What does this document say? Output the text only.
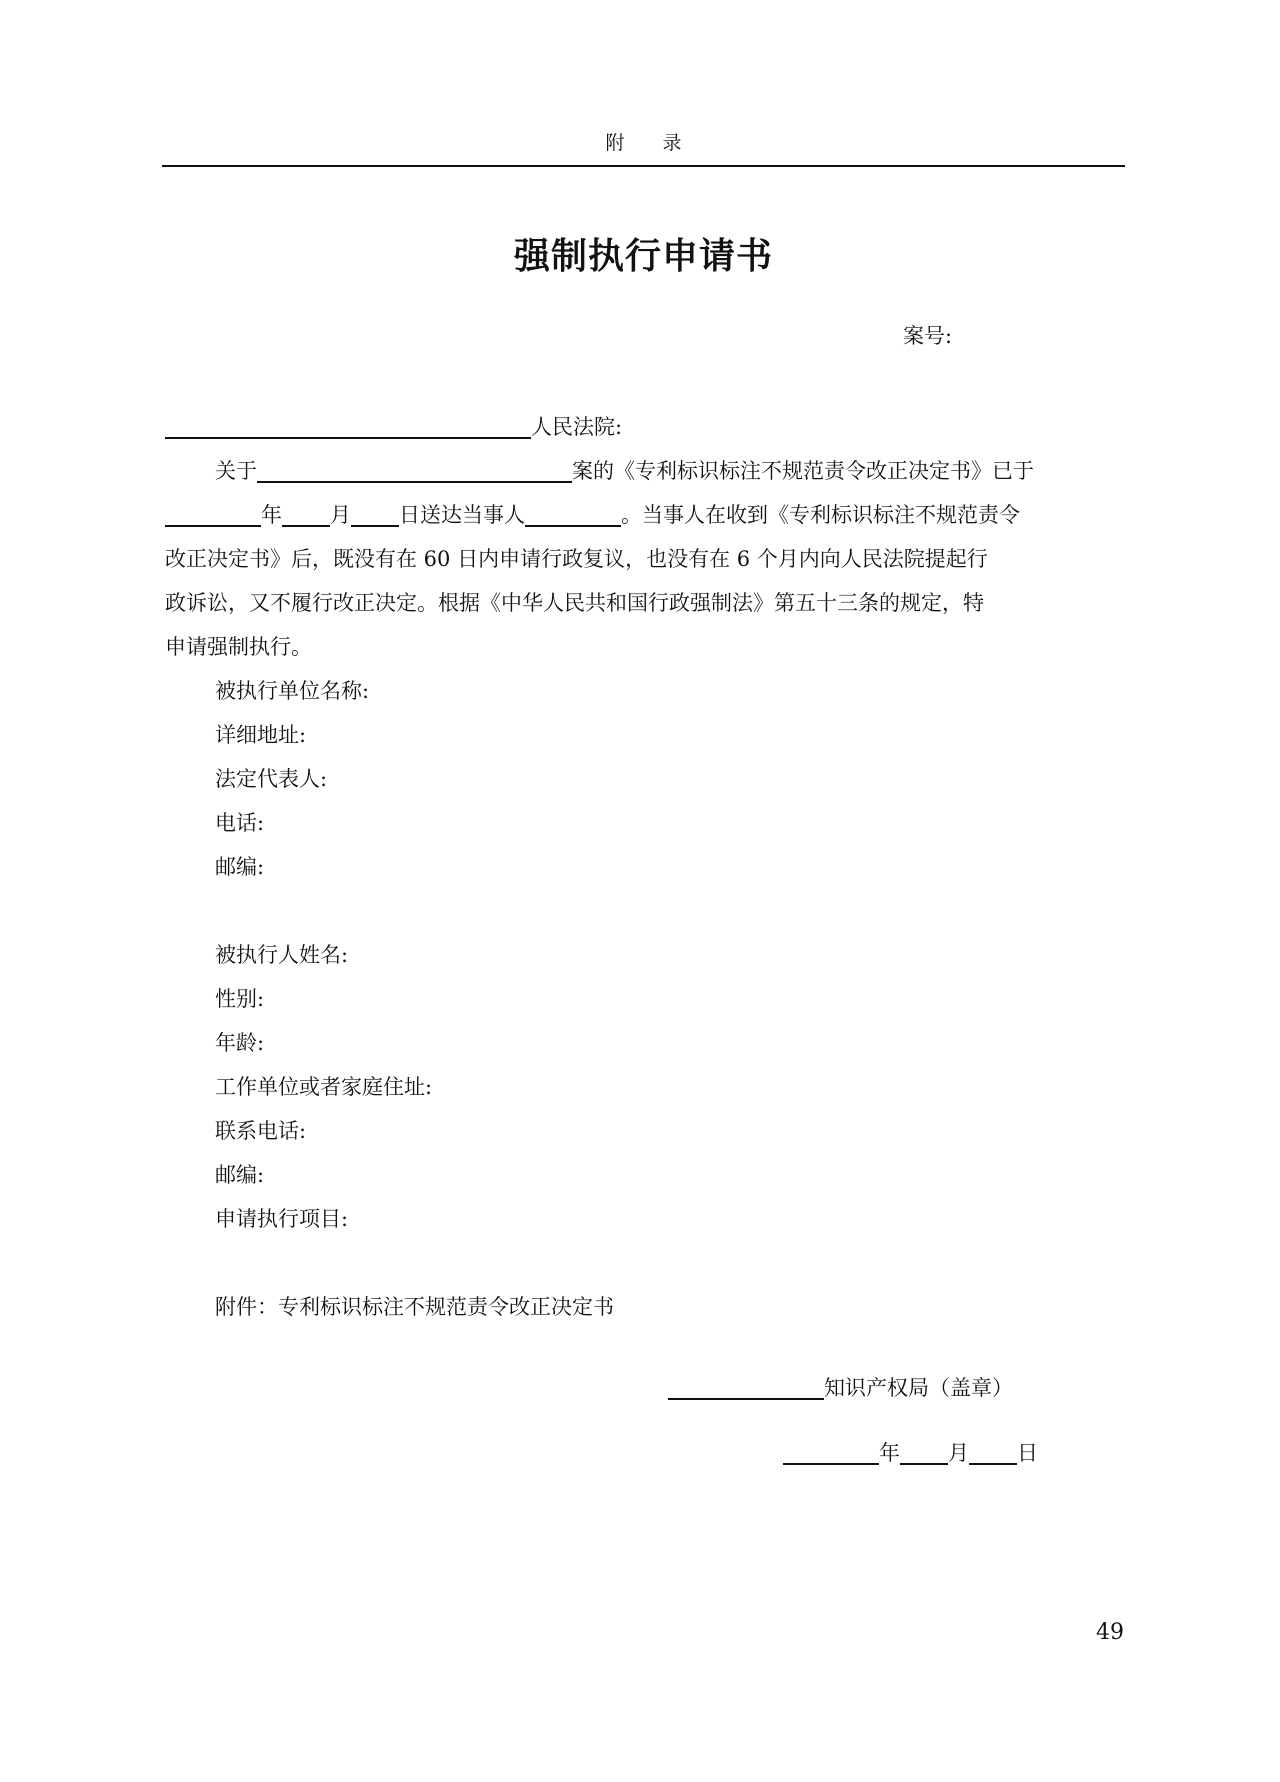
附　　录
强制执行申请书
案号:
人民法院:
关于	案的《专利标识标注不规范责令改正决定书》已于
年 月 日送达当事人	。当事人在收到《专利标识标注不规范责令
改正决定书》后，既没有在 60 日内申请行政复议，也没有在 6 个月内向人民法院提起行
政诉讼，又不履行改正决定。根据《中华人民共和国行政强制法》第五十三条的规定，特
申请强制执行。
被执行单位名称:
详细地址:
法定代表人:
电话:
邮编:
被执行人姓名:
性别:
年龄:
工作单位或者家庭住址:
联系电话:
邮编:
申请执行项目:
附件：专利标识标注不规范责令改正决定书
知识产权局（盖章）
年 月 日
49
